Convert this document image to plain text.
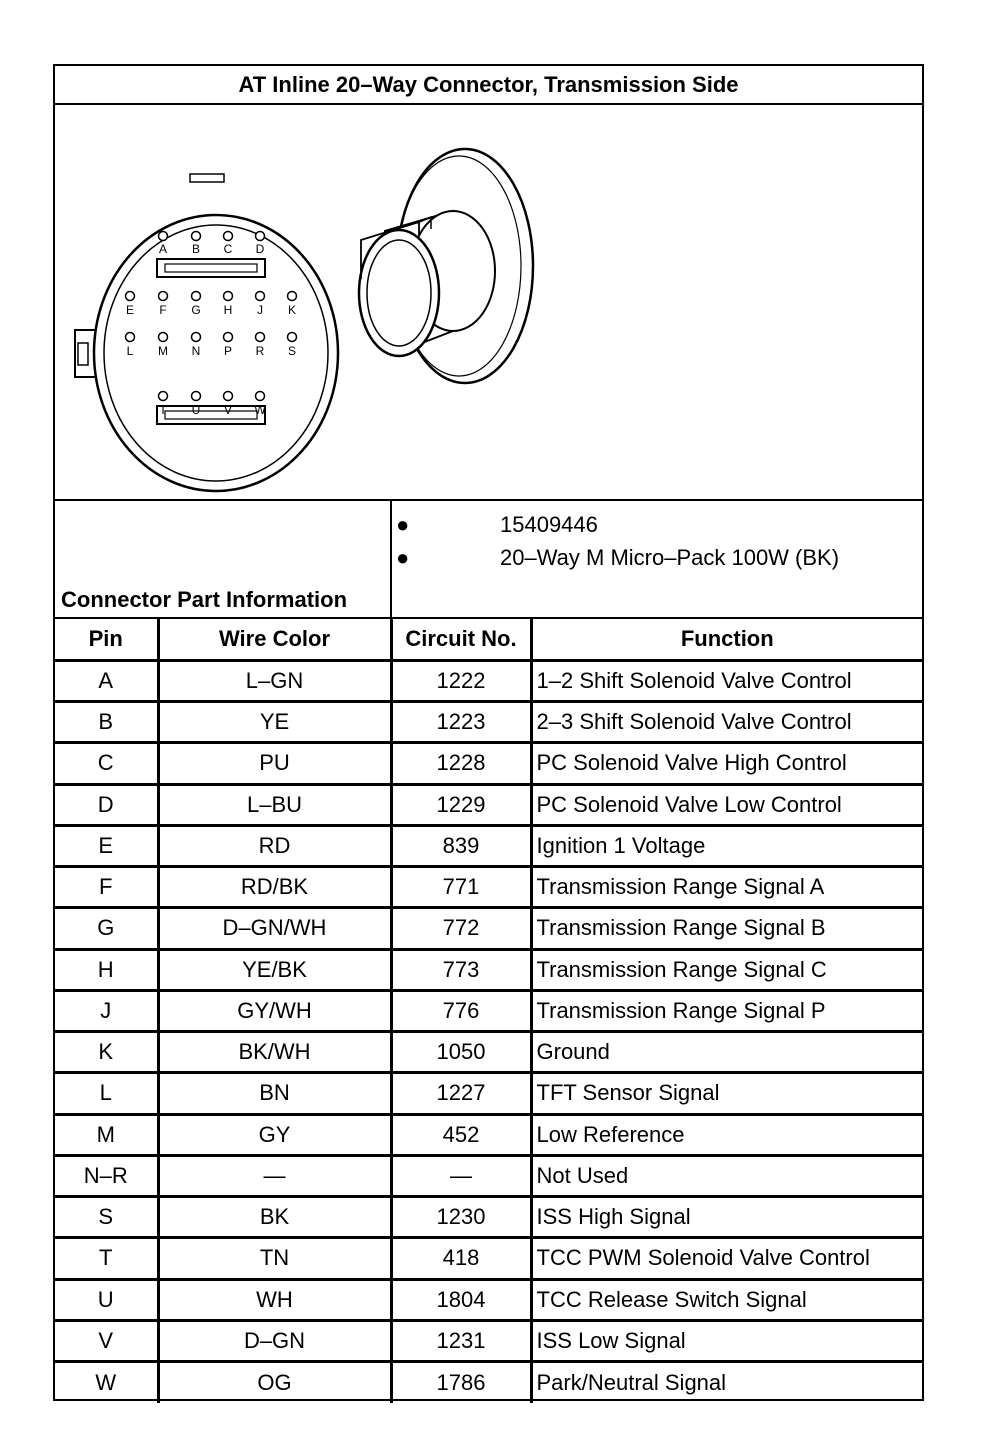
AT Inline 20–Way Connector, Transmission Side
A B C D
E F G H J K
L M N P R S
T U V W
Connector Part Information
●	15409446
●	20–Way M Micro–Pack 100W (BK)
Pin	Wire Color	Circuit No.	Function
A	L–GN	1222	1–2 Shift Solenoid Valve Control
B	YE	1223	2–3 Shift Solenoid Valve Control
C	PU	1228	PC Solenoid Valve High Control
D	L–BU	1229	PC Solenoid Valve Low Control
E	RD	839	Ignition 1 Voltage
F	RD/BK	771	Transmission Range Signal A
G	D–GN/WH	772	Transmission Range Signal B
H	YE/BK	773	Transmission Range Signal C
J	GY/WH	776	Transmission Range Signal P
K	BK/WH	1050	Ground
L	BN	1227	TFT Sensor Signal
M	GY	452	Low Reference
N–R	—	—	Not Used
S	BK	1230	ISS High Signal
T	TN	418	TCC PWM Solenoid Valve Control
U	WH	1804	TCC Release Switch Signal
V	D–GN	1231	ISS Low Signal
W	OG	1786	Park/Neutral Signal
